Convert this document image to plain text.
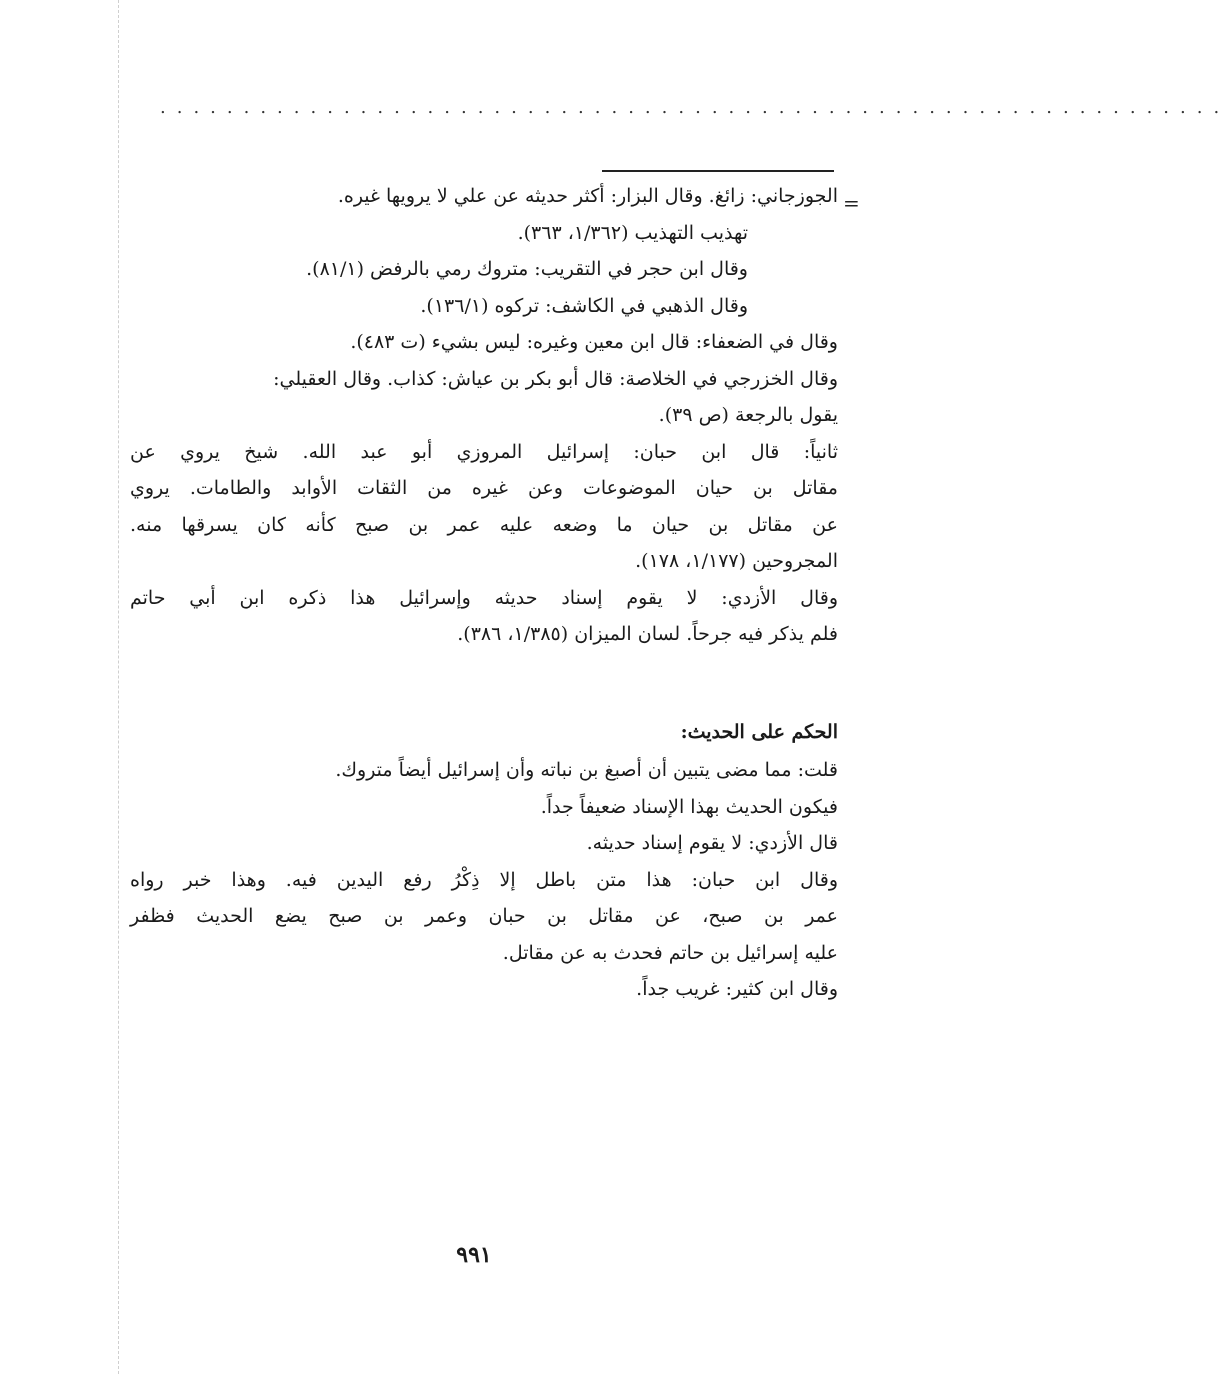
................................................................
=
الجوزجاني: زائغ. وقال البزار: أكثر حديثه عن علي لا يرويها غيره.
تهذيب التهذيب (١/٣٦٢، ٣٦٣).
وقال ابن حجر في التقريب: متروك رمي بالرفض (٨١/١).
وقال الذهبي في الكاشف: تركوه (١٣٦/١).
وقال في الضعفاء: قال ابن معين وغيره: ليس بشيء (ت ٤٨٣).
وقال الخزرجي في الخلاصة: قال أبو بكر بن عياش: كذاب. وقال العقيلي:
يقول بالرجعة (ص ٣٩).
ثانياً: قال ابن حبان: إسرائيل المروزي أبو عبد الله. شيخ يروي عن
مقاتل بن حيان الموضوعات وعن غيره من الثقات الأوابد والطامات. يروي
عن مقاتل بن حيان ما وضعه عليه عمر بن صبح كأنه كان يسرقها منه.
المجروحين (١/١٧٧، ١٧٨).
وقال الأزدي: لا يقوم إسناد حديثه وإسرائيل هذا ذكره ابن أبي حاتم
فلم يذكر فيه جرحاً. لسان الميزان (١/٣٨٥، ٣٨٦).
الحكم على الحديث:
قلت: مما مضى يتبين أن أصبغ بن نباته وأن إسرائيل أيضاً متروك.
فيكون الحديث بهذا الإسناد ضعيفاً جداً.
قال الأزدي: لا يقوم إسناد حديثه.
وقال ابن حبان: هذا متن باطل إلا ذِكْرُ رفع اليدين فيه. وهذا خبر رواه
عمر بن صبح، عن مقاتل بن حبان وعمر بن صبح يضع الحديث فظفر
عليه إسرائيل بن حاتم فحدث به عن مقاتل.
وقال ابن كثير: غريب جداً.
٩٩١
